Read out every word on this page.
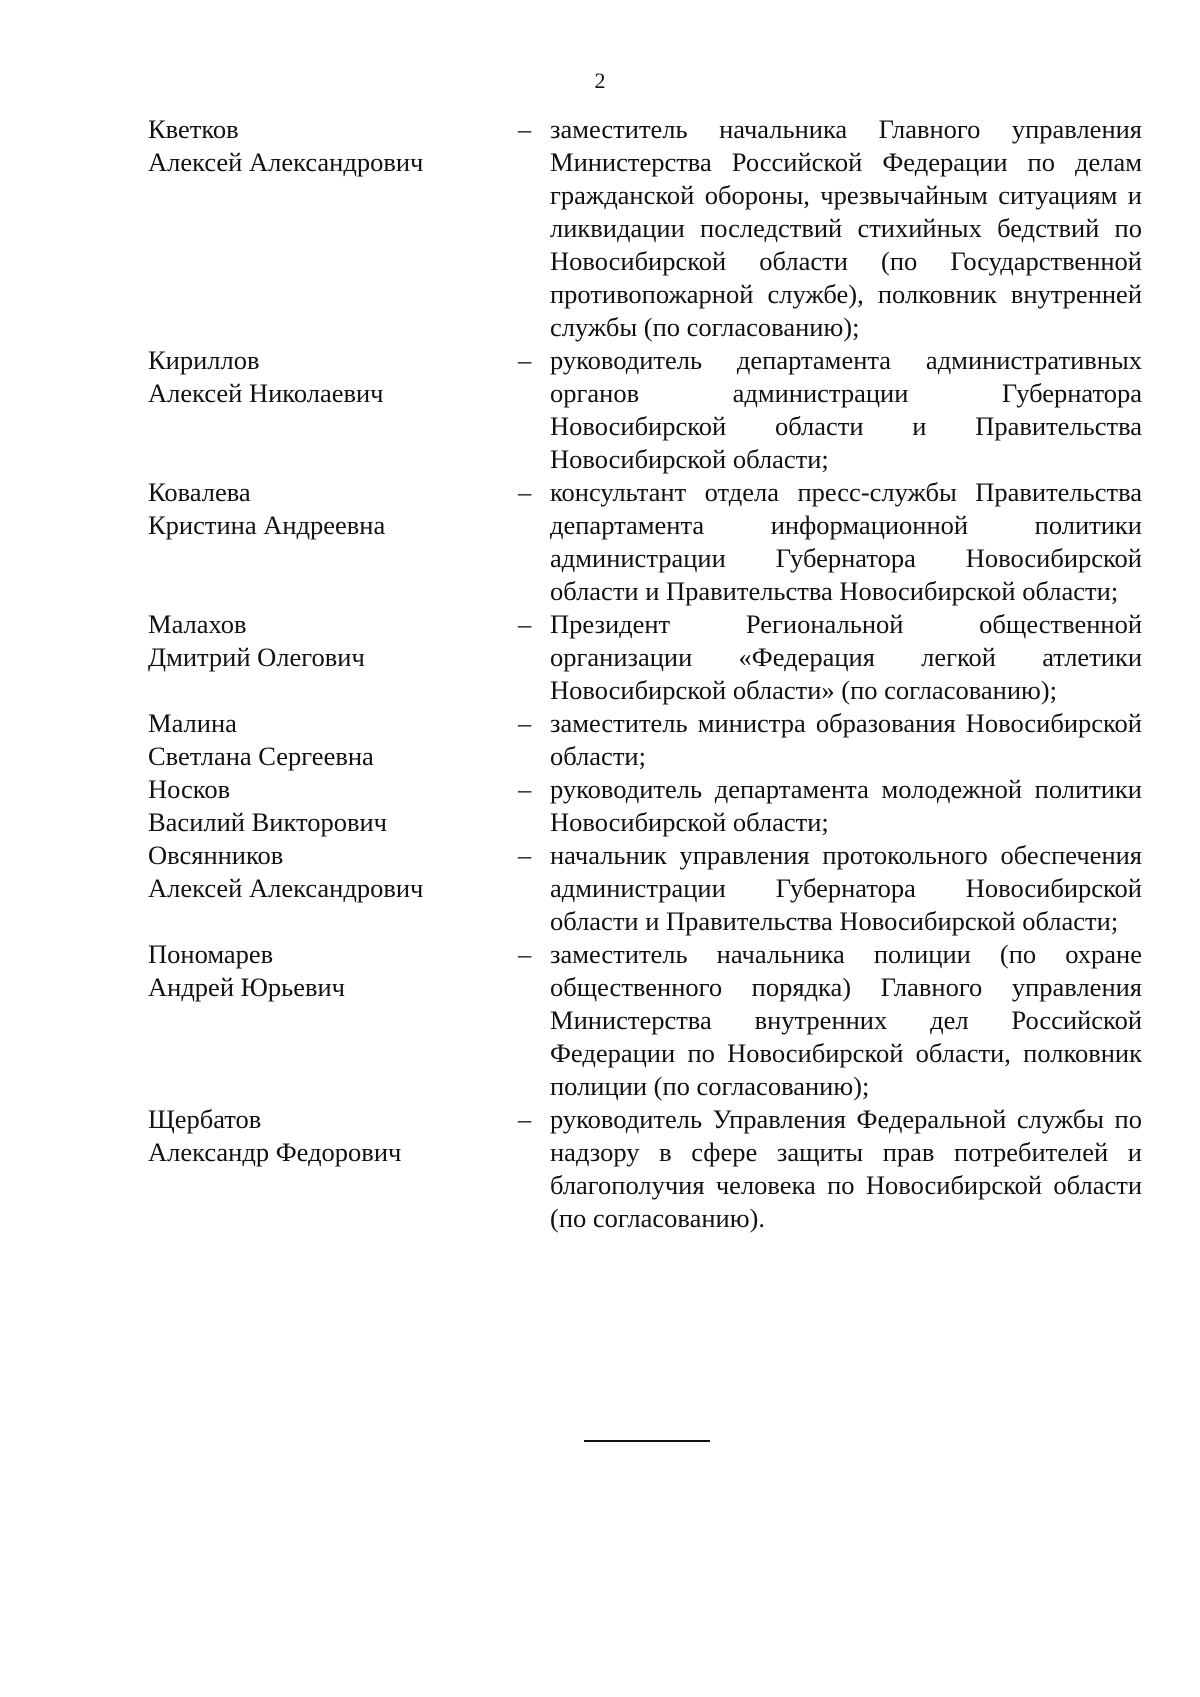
2
Кветков
Алексей Александрович
– заместитель начальника Главного управления Министерства Российской Федерации по делам гражданской обороны, чрезвычайным ситуациям и ликвидации последствий стихийных бедствий по Новосибирской области (по Государственной противопожарной службе), полковник внутренней службы (по согласованию);
Кириллов
Алексей Николаевич
– руководитель департамента административных органов администрации Губернатора Новосибирской области и Правительства Новосибирской области;
Ковалева
Кристина Андреевна
– консультант отдела пресс-службы Правительства департамента информационной политики администрации Губернатора Новосибирской области и Правительства Новосибирской области;
Малахов
Дмитрий Олегович
– Президент Региональной общественной организации «Федерация легкой атлетики Новосибирской области» (по согласованию);
Малина
Светлана Сергеевна
– заместитель министра образования Новосибирской области;
Носков
Василий Викторович
– руководитель департамента молодежной политики Новосибирской области;
Овсянников
Алексей Александрович
– начальник управления протокольного обеспечения администрации Губернатора Новосибирской области и Правительства Новосибирской области;
Пономарев
Андрей Юрьевич
– заместитель начальника полиции (по охране общественного порядка) Главного управления Министерства внутренних дел Российской Федерации по Новосибирской области, полковник полиции (по согласованию);
Щербатов
Александр Федорович
– руководитель Управления Федеральной службы по надзору в сфере защиты прав потребителей и благополучия человека по Новосибирской области (по согласованию).
